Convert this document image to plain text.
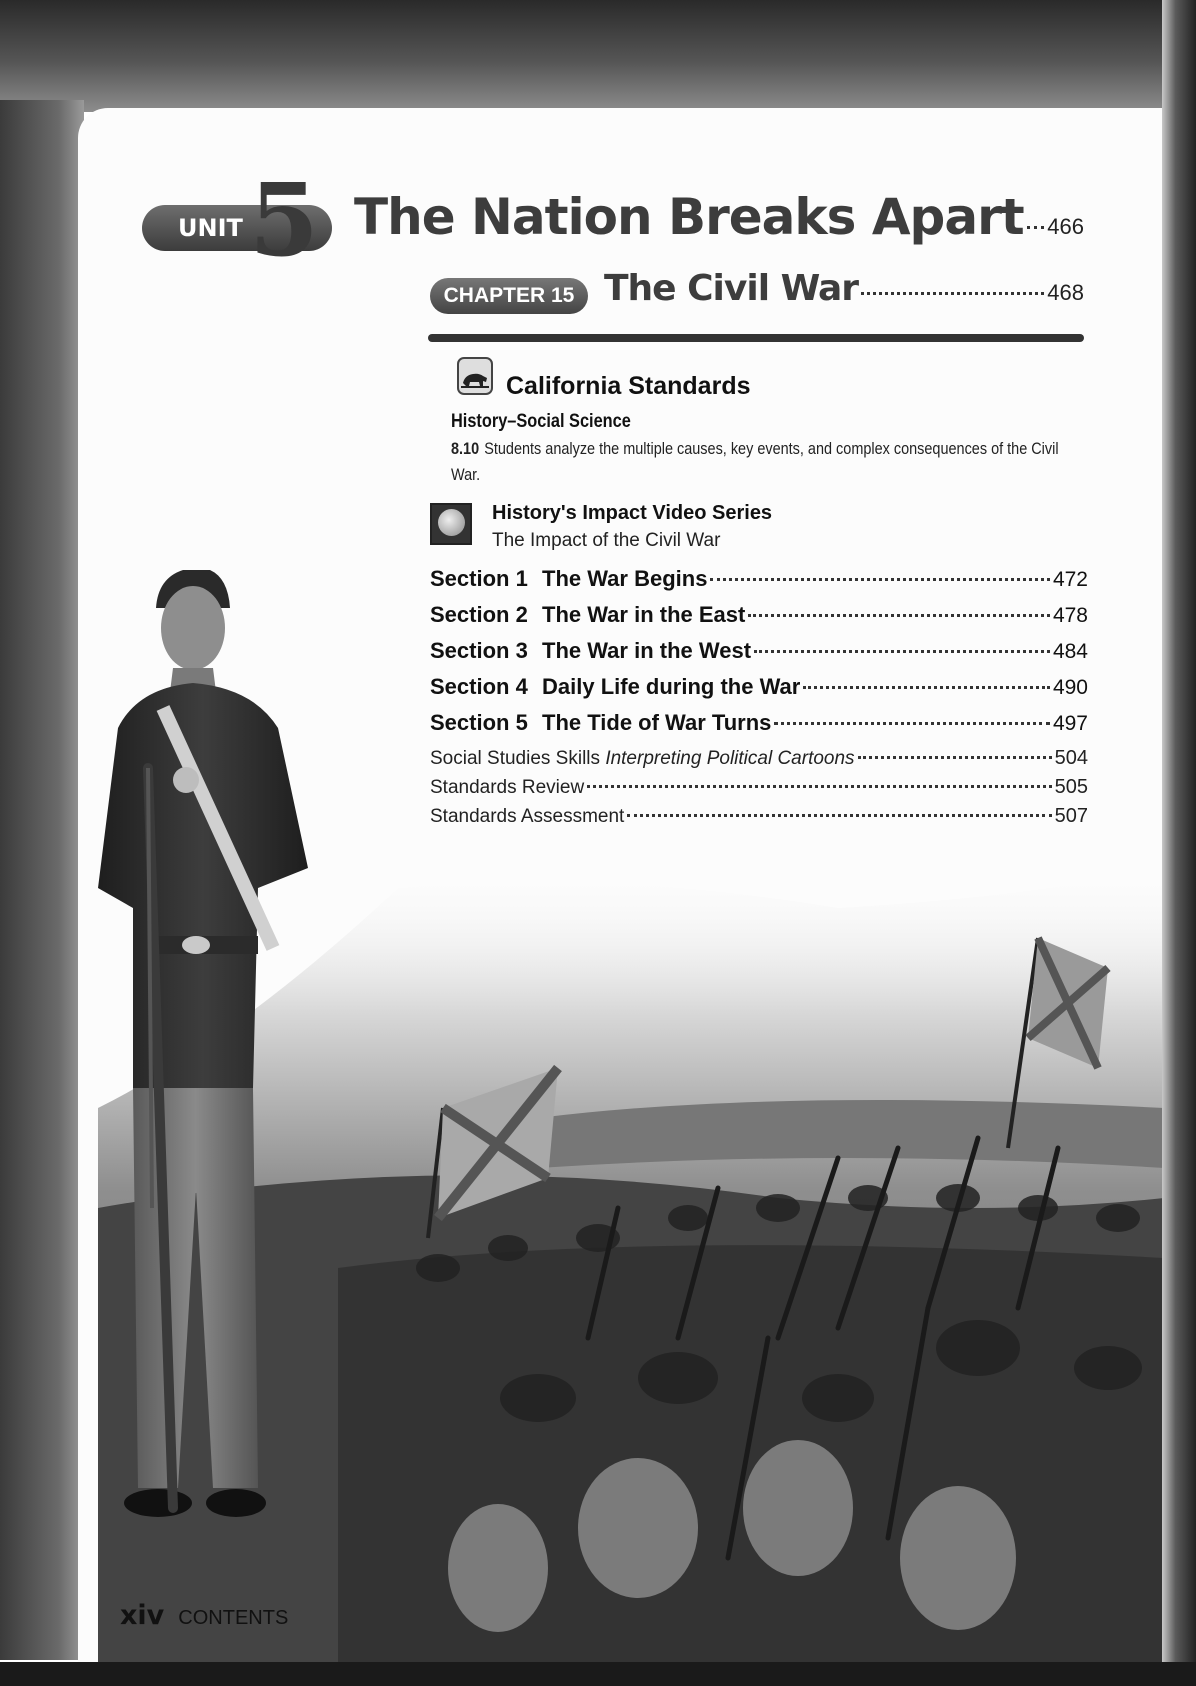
xiv CONTENTS
UNIT 5 The Nation Breaks Apart 466
CHAPTER 15 The Civil War	468
California Standards
History–Social Science
8.10 Students analyze the multiple causes, key events, and complex consequences of the Civil War.
History's Impact Video Series
The Impact of the Civil War
Section 1 The War Begins	472
Section 2 The War in the East	478
Section 3 The War in the West	484
Section 4 Daily Life during the War	490
Section 5 The Tide of War Turns	497
Social Studies Skills
Interpreting Political Cartoons	504
Standards Review	505
Standards Assessment	507
